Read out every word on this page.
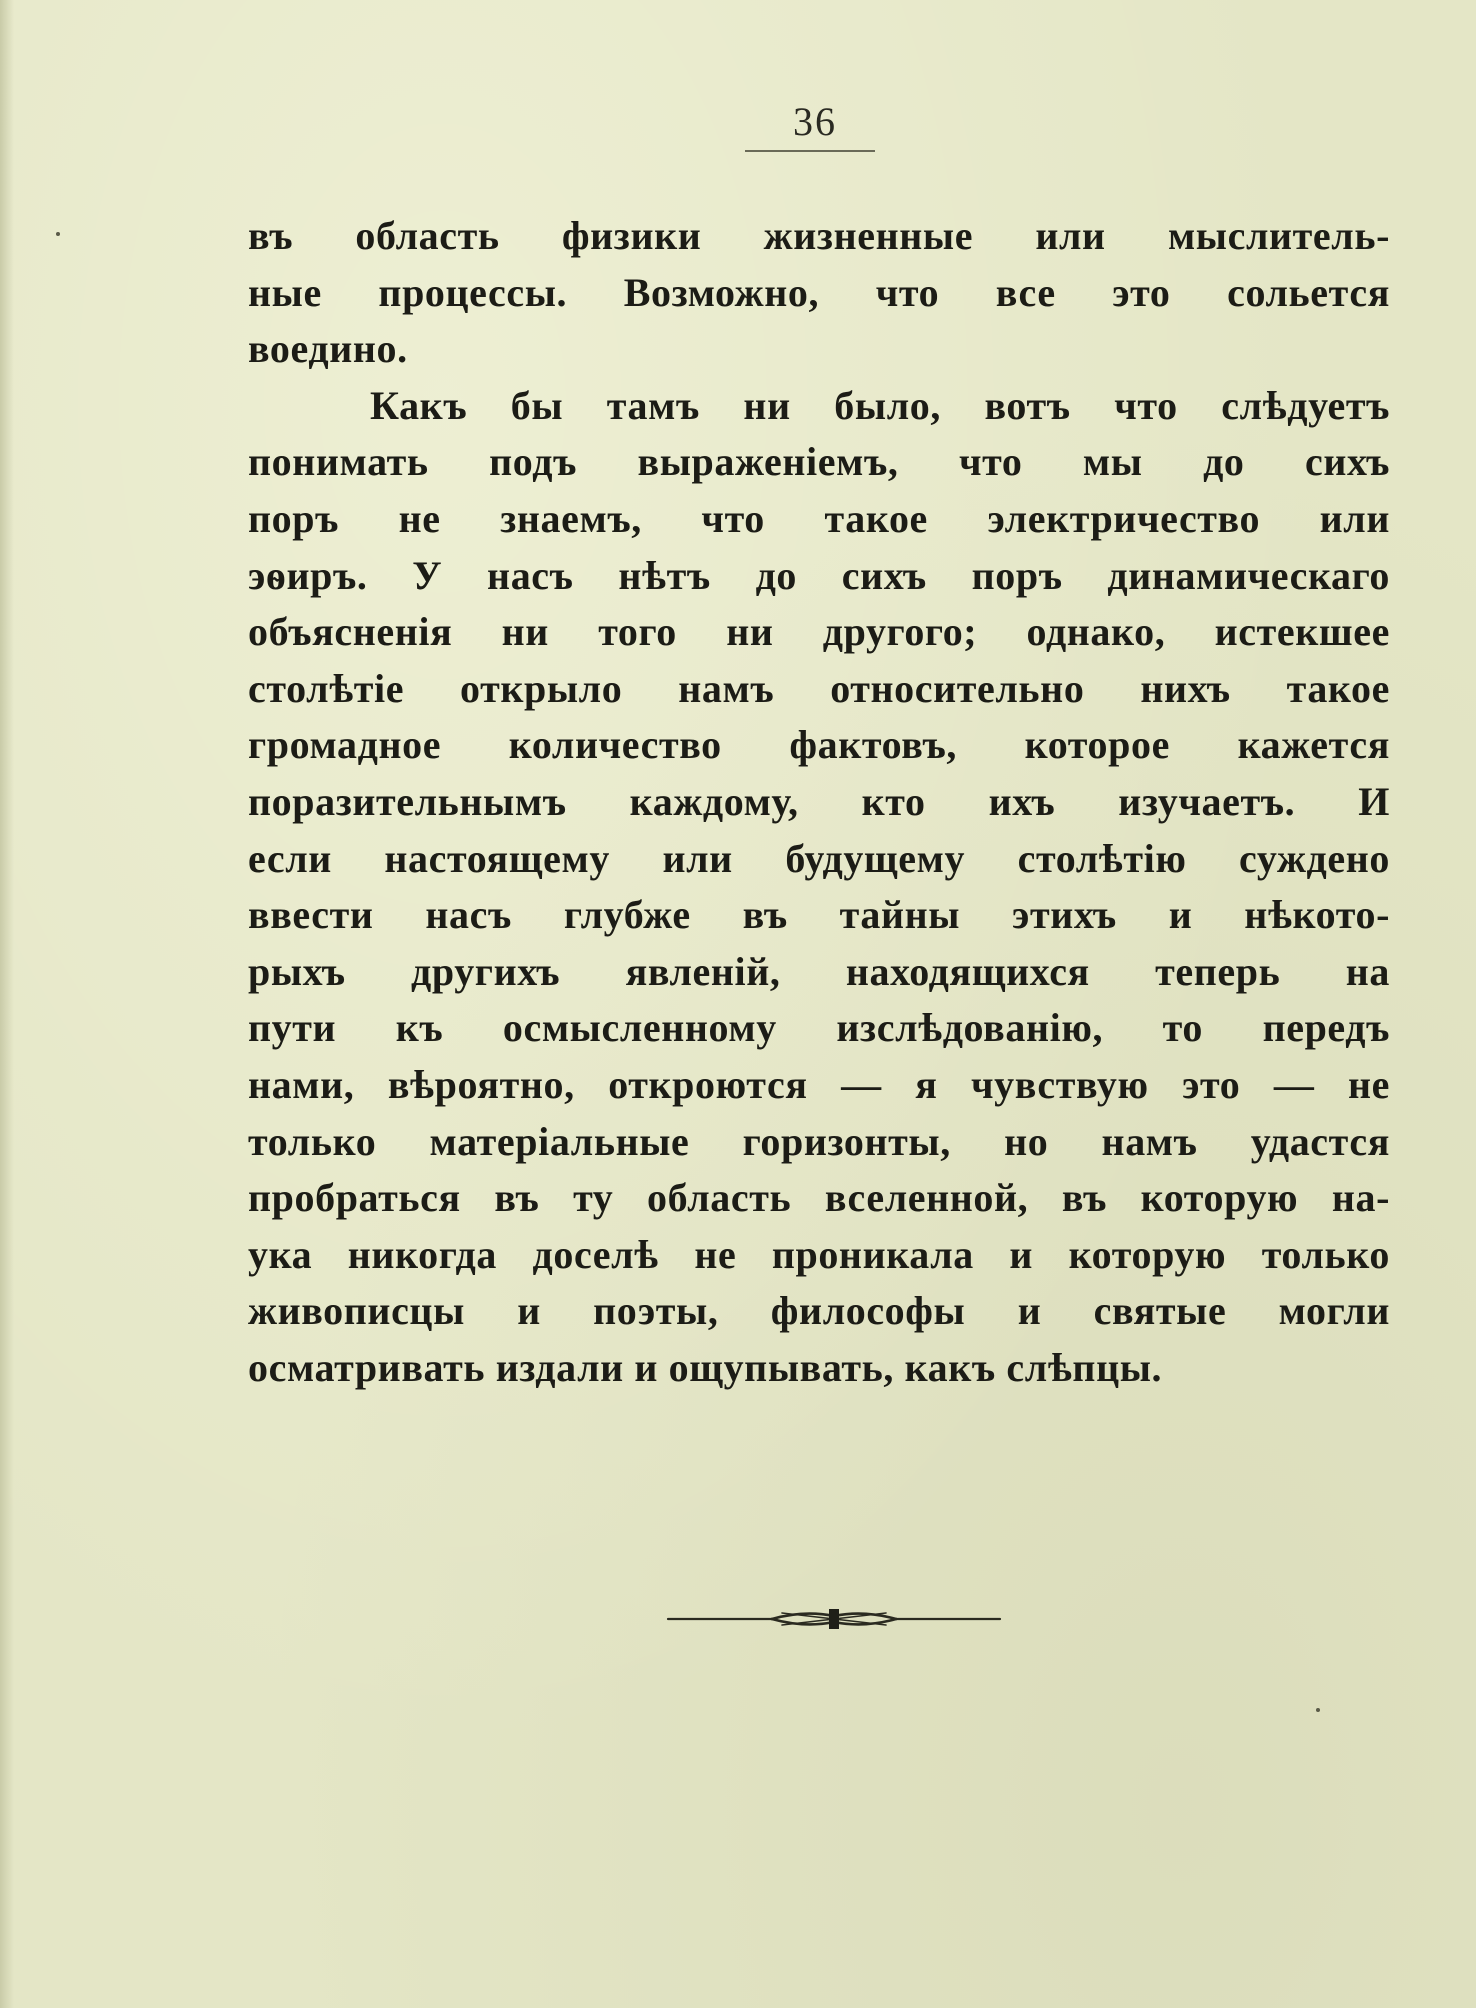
36
въ область физики жизненные или мыслитель-
ные процессы. Возможно, что все это сольется
воедино.
Какъ бы тамъ ни было, вотъ что слѣдуетъ
понимать подъ выраженіемъ, что мы до сихъ
поръ не знаемъ, что такое электричество или
эѳиръ. У насъ нѣтъ до сихъ поръ динамическаго
объясненія ни того ни другого; однако, истекшее
столѣтіе открыло намъ относительно нихъ такое
громадное количество фактовъ, которое кажется
поразительнымъ каждому, кто ихъ изучаетъ. И
если настоящему или будущему столѣтію суждено
ввести насъ глубже въ тайны этихъ и нѣкото-
рыхъ другихъ явленій, находящихся теперь на
пути къ осмысленному изслѣдованію, то передъ
нами, вѣроятно, откроются — я чувствую это — не
только матеріальные горизонты, но намъ удастся
пробраться въ ту область вселенной, въ которую на-
ука никогда доселѣ не проникала и которую только
живописцы и поэты, философы и святые могли
осматривать издали и ощупывать, какъ слѣпцы.
